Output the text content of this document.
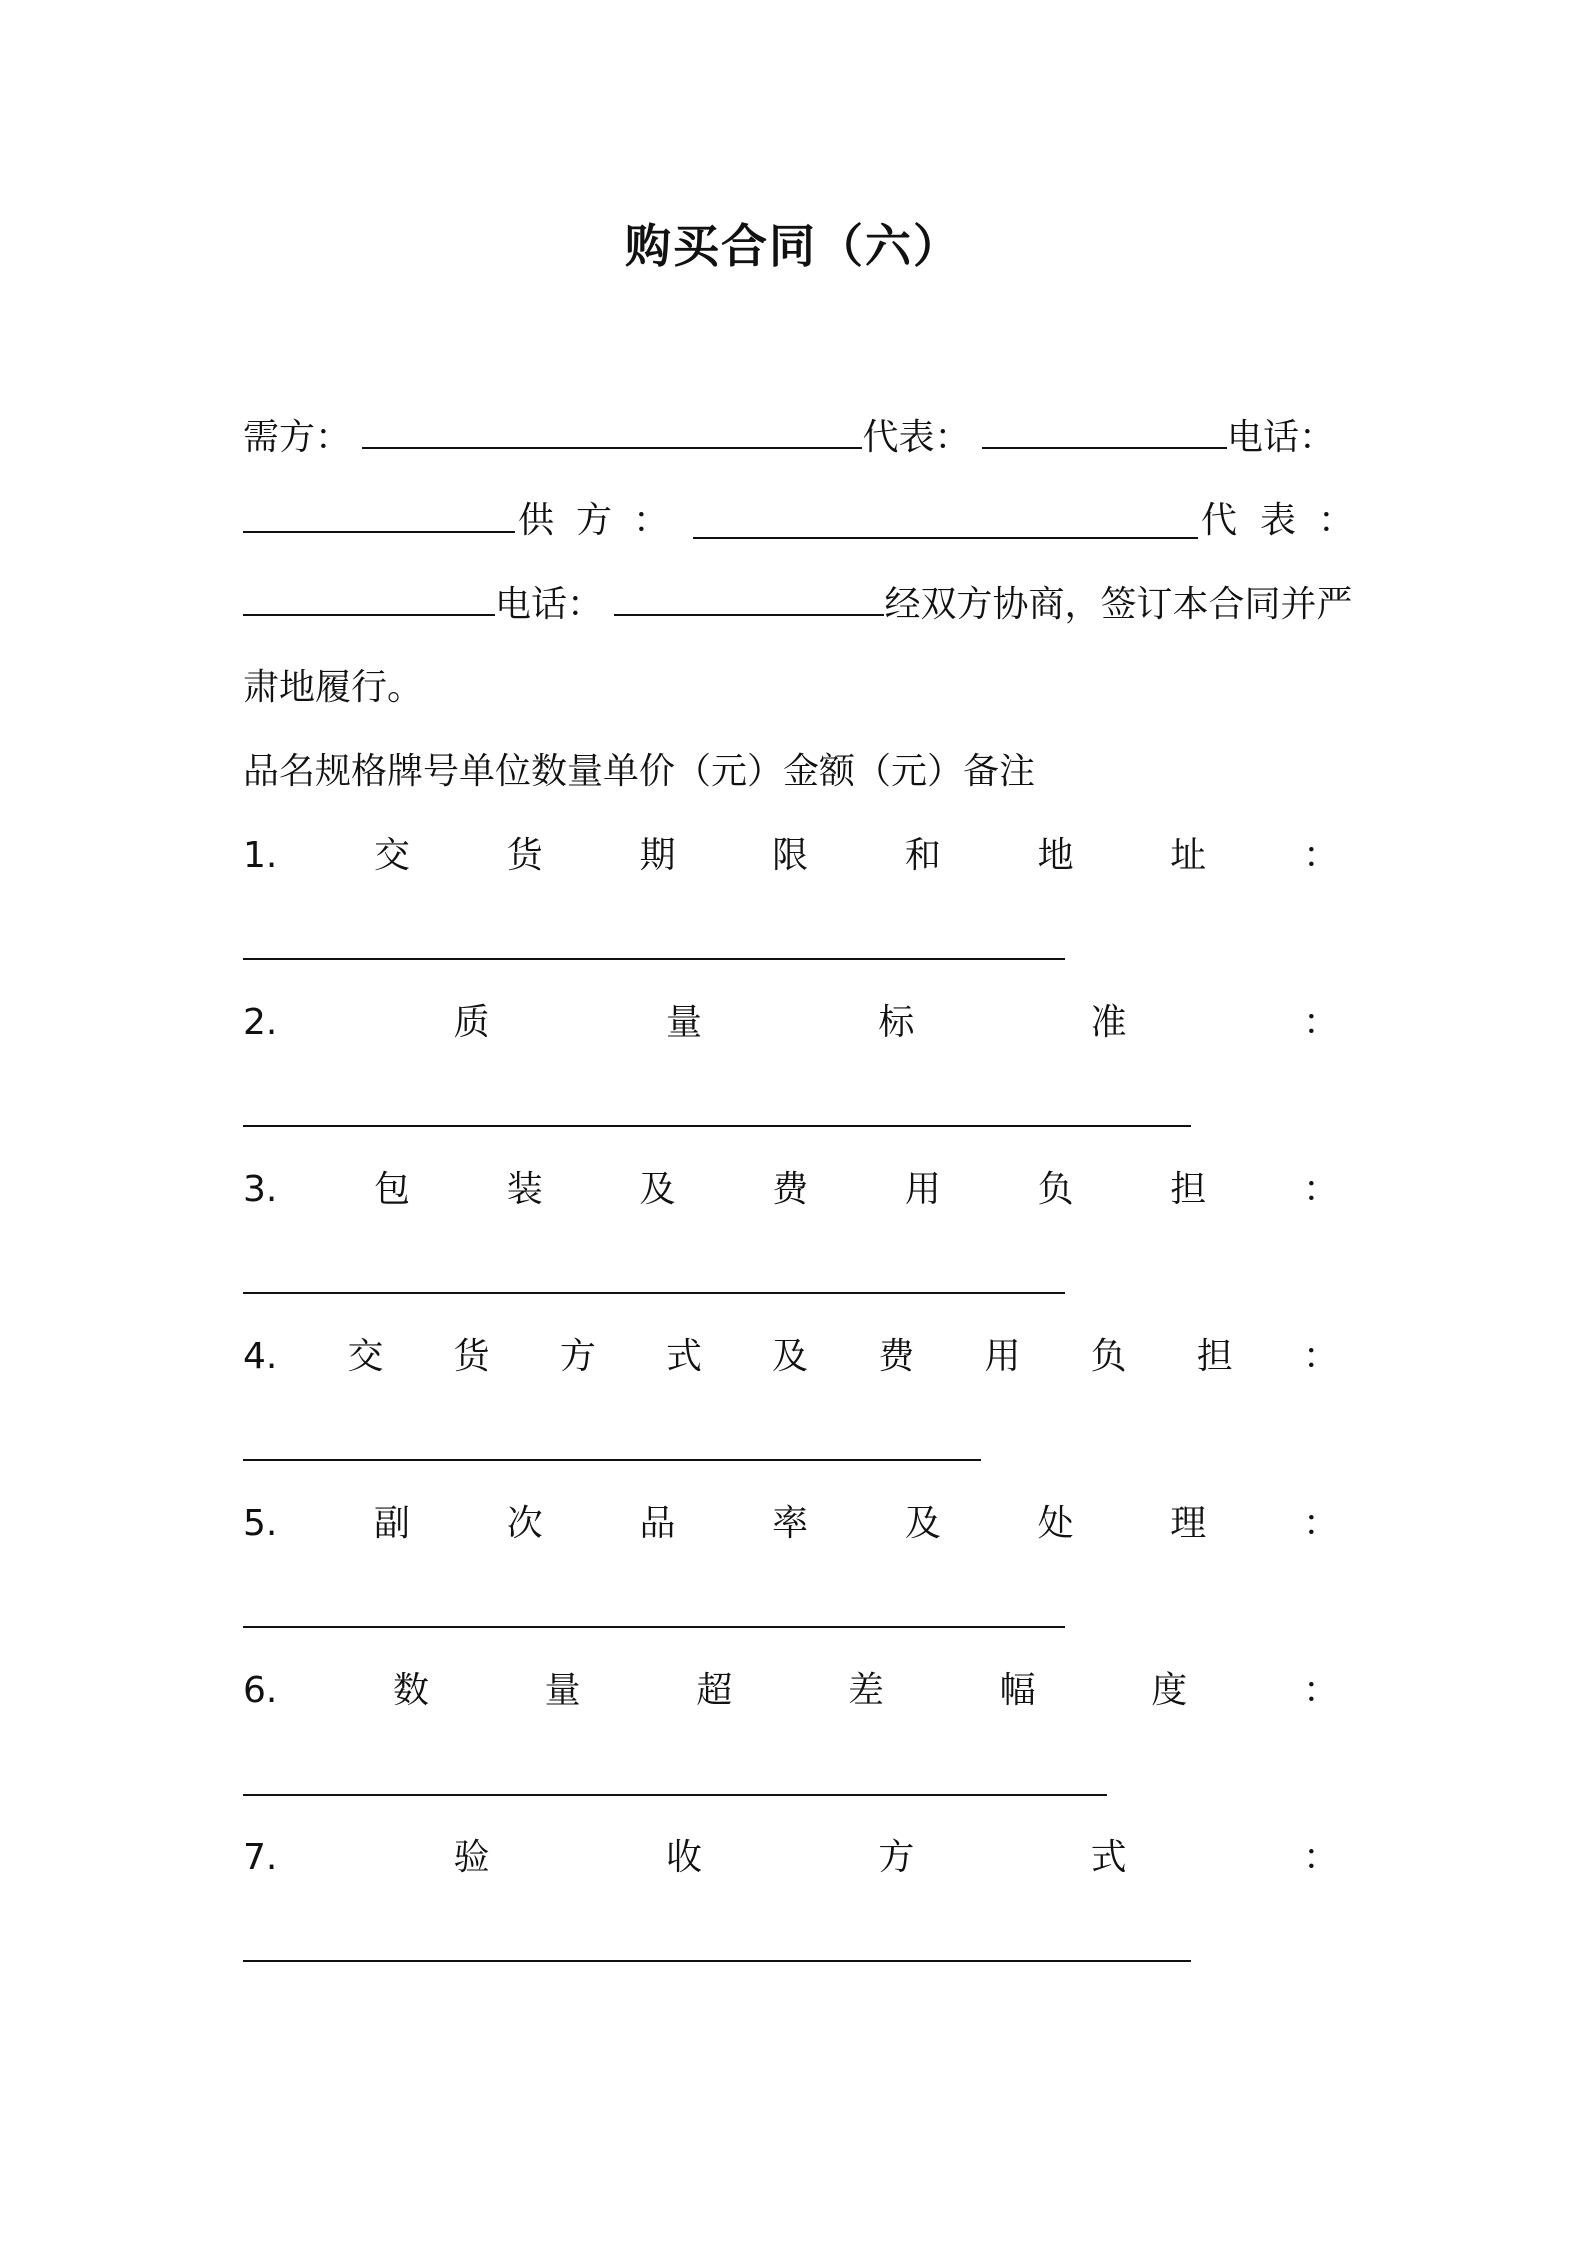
购买合同（六）
需方：	代表：	电话：
供 方 ：	代 表 ：
电话：	经双方协商，签订本合同并严
肃地履行。
品名规格牌号单位数量单价（元）金额（元）备注
1.	交	货	期	限	和	地	址	：
2.	质	量	标	准	：
3.	包	装	及	费	用	负	担	：
4. 交 货 方 式 及 费 用 负 担 ：
5.	副	次	品	率	及	处	理	：
6.	数	量	超	差	幅	度	：
7.	验	收	方	式	：
